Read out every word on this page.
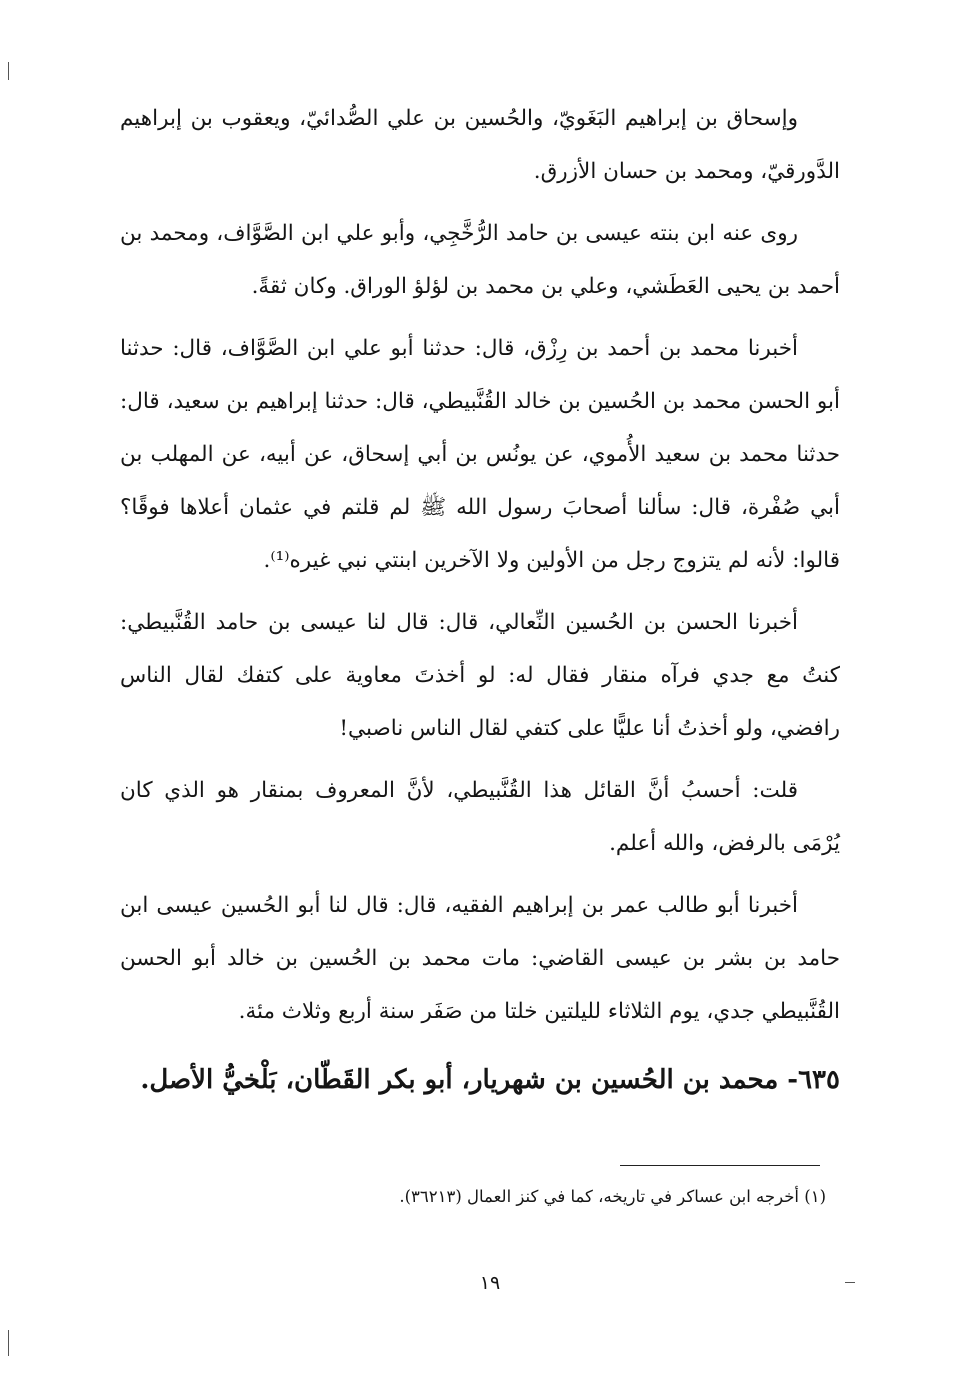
وإسحاق بن إبراهيم البَغَويّ، والحُسين بن علي الصُّدائيّ، ويعقوب بن إبراهيم الدَّورقيّ، ومحمد بن حسان الأزرق.

روى عنه ابن بنته عيسى بن حامد الرُّخَّجِي، وأبو علي ابن الصَّوَّاف، ومحمد بن أحمد بن يحيى العَطَشي، وعلي بن محمد بن لؤلؤ الوراق. وكان ثقةً.

أخبرنا محمد بن أحمد بن رِزْق، قال: حدثنا أبو علي ابن الصَّوَّاف، قال: حدثنا أبو الحسن محمد بن الحُسين بن خالد القُنَّبيطي، قال: حدثنا إبراهيم بن سعيد، قال: حدثنا محمد بن سعيد الأُموي، عن يونُس بن أبي إسحاق، عن أبيه، عن المهلب بن أبي صُفْرة، قال: سألنا أصحابَ رسول الله ﷺ لم قلتم في عثمان أعلاها فوقًا؟ قالوا: لأنه لم يتزوج رجل من الأولين ولا الآخرين ابنتي نبي غيره⁽¹⁾.

أخبرنا الحسن بن الحُسين النِّعالي، قال: قال لنا عيسى بن حامد القُنَّبيطي: كنتُ مع جدي فرآه منقار فقال له: لو أخذتَ معاوية على كتفك لقال الناس رافضي، ولو أخذتُ أنا عليًّا على كتفي لقال الناس ناصبي!

قلت: أحسبُ أنَّ القائل هذا القُنَّبيطي، لأنَّ المعروف بمنقار هو الذي كان يُرْمَى بالرفض، والله أعلم.

أخبرنا أبو طالب عمر بن إبراهيم الفقيه، قال: قال لنا أبو الحُسين عيسى ابن حامد بن بشر بن عيسى القاضي: مات محمد بن الحُسين بن خالد أبو الحسن القُنَّبيطي جدي، يوم الثلاثاء لليلتين خلتا من صَفَر سنة أربع وثلاث مئة.

٦٣٥- محمد بن الحُسين بن شهريار، أبو بكر القَطّان، بَلْخيُّ الأصل.

(١) أخرجه ابن عساكر في تاريخه، كما في كنز العمال (٣٦٢١٣).
١٩
